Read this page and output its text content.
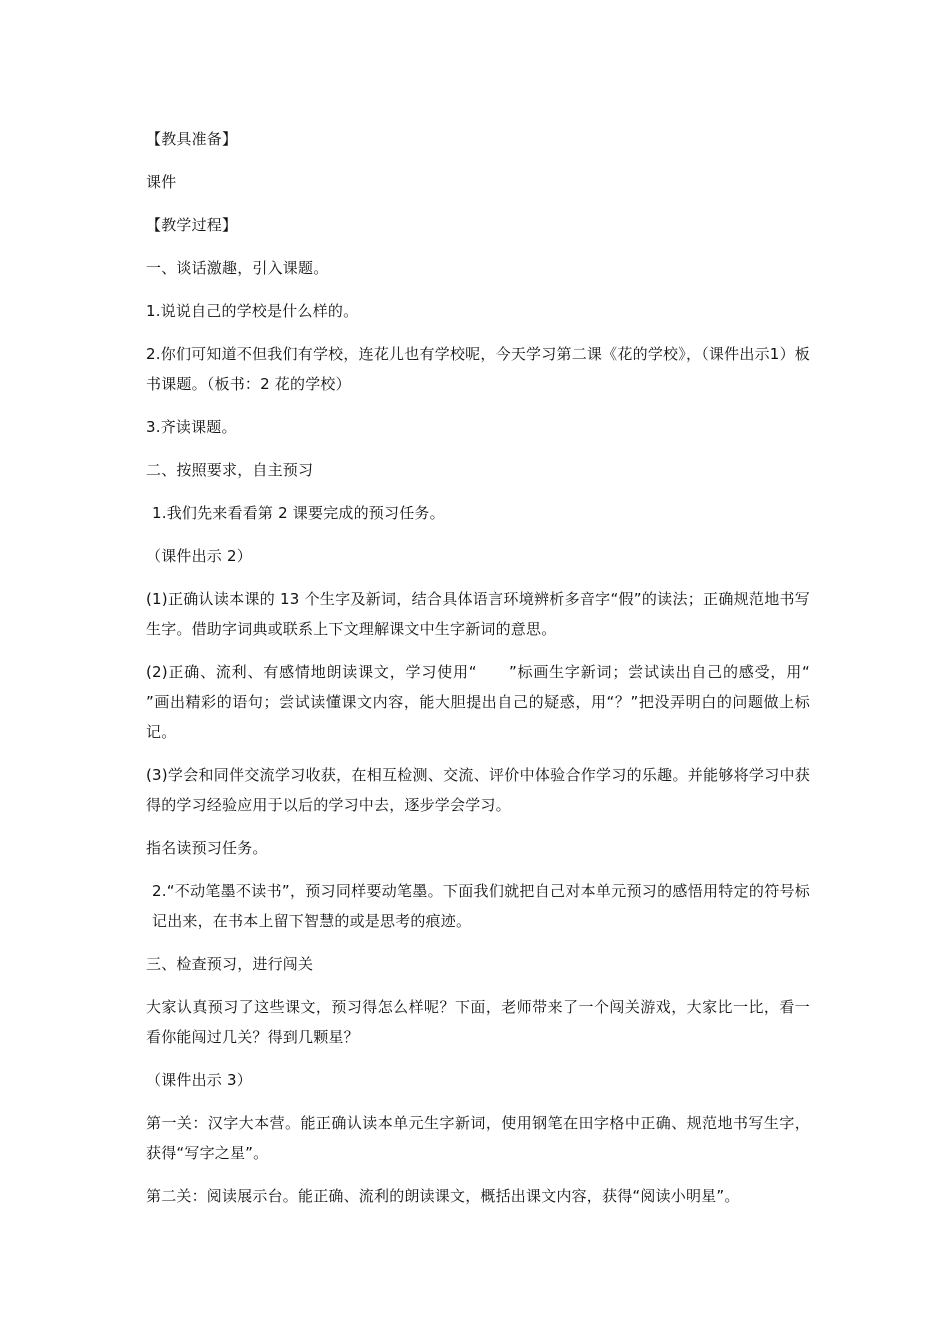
【教具准备】

课件

【教学过程】

一、谈话激趣，引入课题。

1.说说自己的学校是什么样的。

2.你们可知道不但我们有学校，连花儿也有学校呢，今天学习第二课《花的学校》，（课件出示1）板书课题。（板书：2 花的学校）

3.齐读课题。

二、按照要求，自主预习

1.我们先来看看第 2 课要完成的预习任务。

（课件出示 2）

(1)正确认读本课的 13 个生字及新词，结合具体语言环境辨析多音字“假”的读法；正确规范地书写生字。借助字词典或联系上下文理解课文中生字新词的意思。

(2)正确、流利、有感情地朗读课文，学习使用“　　”标画生字新词；尝试读出自己的感受，用“　　”画出精彩的语句；尝试读懂课文内容，能大胆提出自己的疑惑，用“？”把没弄明白的问题做上标记。

(3)学会和同伴交流学习收获，在相互检测、交流、评价中体验合作学习的乐趣。并能够将学习中获得的学习经验应用于以后的学习中去，逐步学会学习。

指名读预习任务。

2.“不动笔墨不读书”，预习同样要动笔墨。下面我们就把自己对本单元预习的感悟用特定的符号标记出来，在书本上留下智慧的或是思考的痕迹。

三、检查预习，进行闯关

大家认真预习了这些课文，预习得怎么样呢？下面，老师带来了一个闯关游戏，大家比一比，看一看你能闯过几关？得到几颗星？

（课件出示 3）

第一关：汉字大本营。能正确认读本单元生字新词，使用钢笔在田字格中正确、规范地书写生字，获得“写字之星”。

第二关：阅读展示台。能正确、流利的朗读课文，概括出课文内容，获得“阅读小明星”。
